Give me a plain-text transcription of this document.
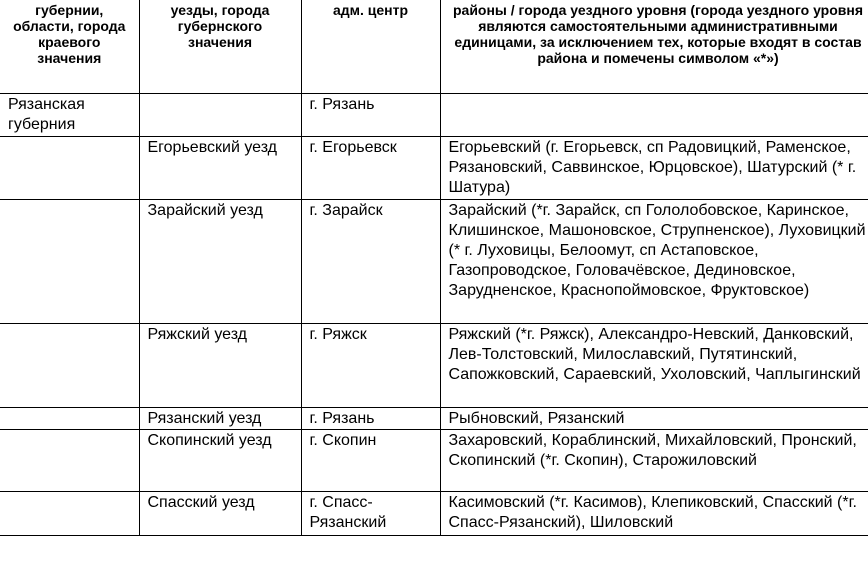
губернии, области, города краевого значения	уезды, города губернского значения	адм. центр	районы / города уездного уровня (города уездного уровня являются самостоятельными административными единицами, за исключением тех, которые входят в состав района и помечены символом «*»)
Рязанская губерния		г. Рязань	
	Егорьевский уезд	г. Егорьевск	Егорьевский (г. Егорьевск, сп Радовицкий, Раменское, Рязановский, Саввинское, Юрцовское), Шатурский (* г. Шатура)
	Зарайский уезд	г. Зарайск	Зарайский (*г. Зарайск, сп Гололобовское, Каринское, Клишинское, Машоновское, Струпненское), Луховицкий (* г. Луховицы, Белоомут, сп Астаповское, Газопроводское, Головачёвское, Дединовское, Зарудненское, Краснопоймовское, Фруктовское)
	Ряжский уезд	г. Ряжск	Ряжский (*г. Ряжск), Александро-Невский, Данковский, Лев-Толстовский, Милославский, Путятинский, Сапожковский, Сараевский, Ухоловский, Чаплыгинский
	Рязанский уезд	г. Рязань	Рыбновский, Рязанский
	Скопинский уезд	г. Скопин	Захаровский, Кораблинский, Михайловский, Пронский, Скопинский (*г. Скопин), Старожиловский
	Спасский уезд	г. Спасс-Рязанский	Касимовский (*г. Касимов), Клепиковский, Спасский (*г. Спасс-Рязанский), Шиловский
